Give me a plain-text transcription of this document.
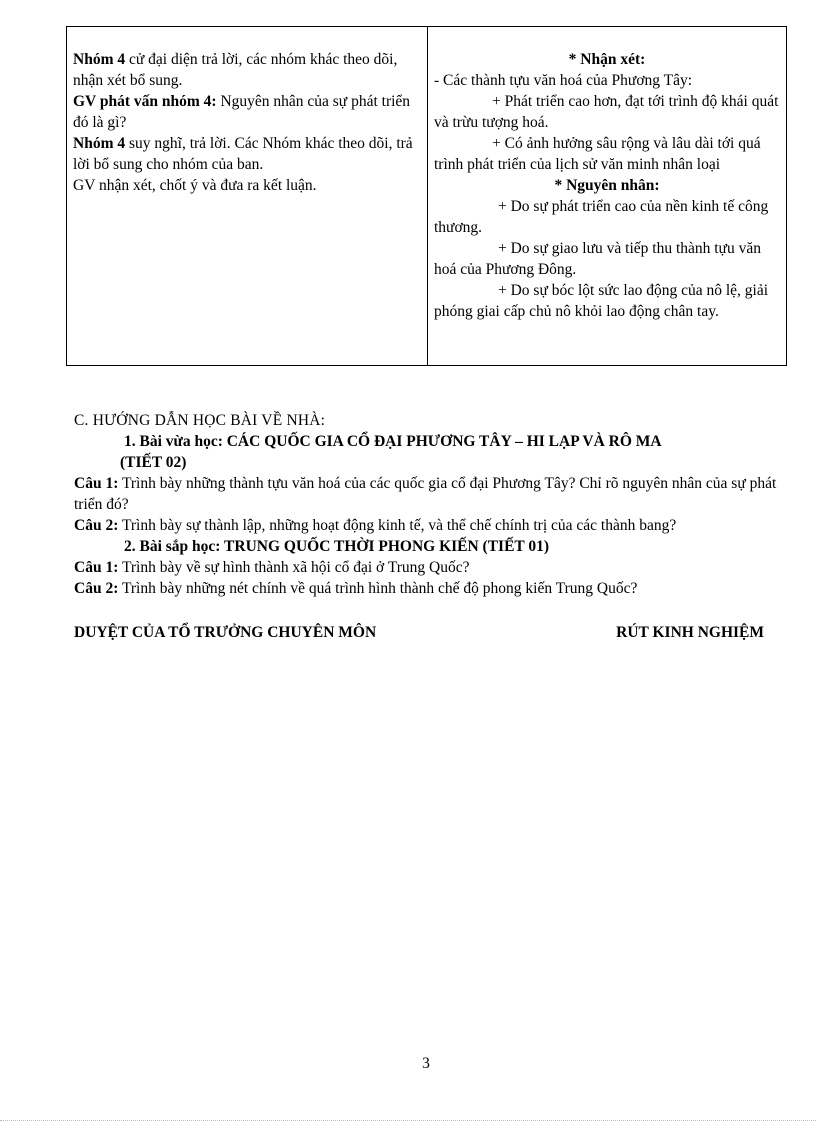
Nhóm 4 cử đại diện trả lời, các nhóm khác theo dõi, nhận xét bổ sung.

GV phát vấn nhóm 4: Nguyên nhân của sự phát triển đó là gì?

Nhóm 4 suy nghĩ, trả lời. Các Nhóm khác theo dõi, trả lời bổ sung cho nhóm của ban.

GV nhận xét, chốt ý và đưa ra kết luận.

* Nhận xét:

- Các thành tựu văn hoá của Phương Tây:

+ Phát triển cao hơn, đạt tới trình độ khái quát và trừu tượng hoá.

+ Có ảnh hưởng sâu rộng và lâu dài tới quá trình phát triển của lịch sử văn minh nhân loại

* Nguyên nhân:

+ Do sự phát triển cao của nền kinh tế công thương.

+ Do sự giao lưu và tiếp thu thành tựu văn hoá của Phương Đông.

+ Do sự bóc lột sức lao động của nô lệ, giải phóng giai cấp chủ nô khỏi lao động chân tay.

C. HƯỚNG DẪN HỌC BÀI VỀ NHÀ:

1. Bài vừa học: CÁC QUỐC GIA CỔ ĐẠI PHƯƠNG TÂY – HI LẠP VÀ RÔ MA

(TIẾT 02)

Câu 1: Trình bày những thành tựu văn hoá của các quốc gia cổ đại Phương Tây? Chỉ rõ nguyên nhân của sự phát triển đó?

Câu 2: Trình bày sự thành lập, những hoạt động kinh tế, và thể chế chính trị của các thành bang?

2. Bài sắp học: TRUNG QUỐC THỜI PHONG KIẾN (TIẾT 01)

Câu 1: Trình bày về sự hình thành xã hội cổ đại ở Trung Quốc?

Câu 2: Trình bày những nét chính về quá trình hình thành chế độ phong kiến Trung Quốc?

DUYỆT CỦA TỔ TRƯỞNG CHUYÊN MÔN	RÚT KINH NGHIỆM
3
